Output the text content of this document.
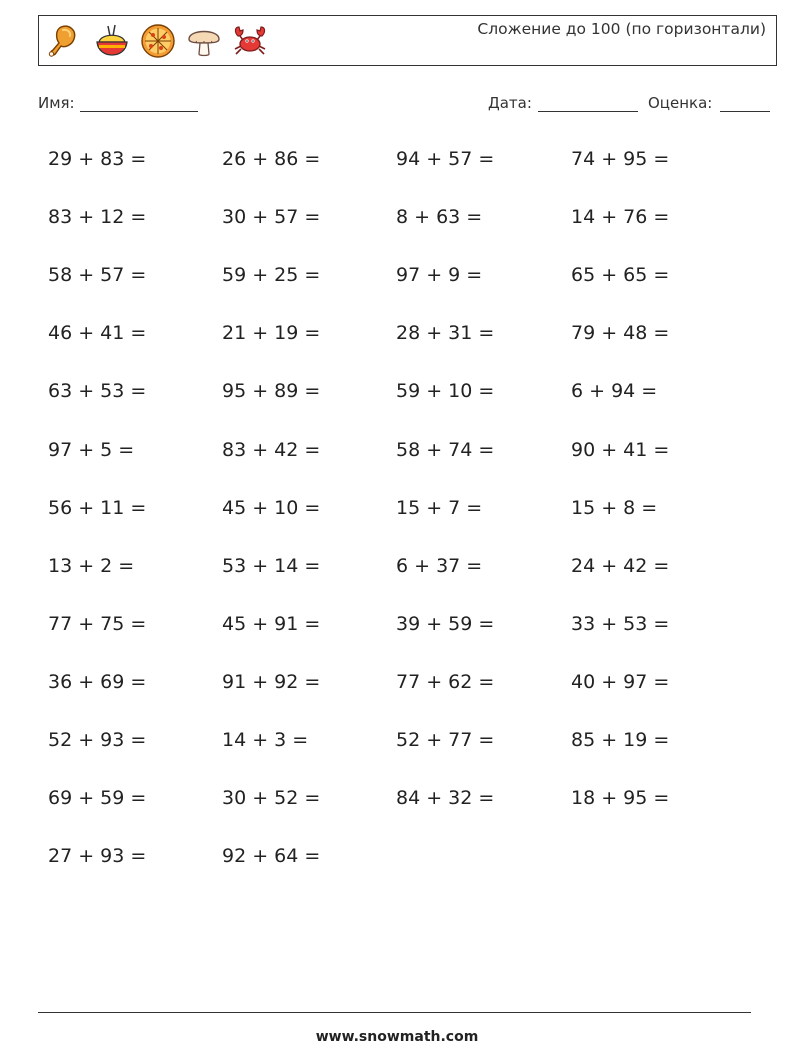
Сложение до 100 (по горизонтали)
Имя:	Дата:	Оценка:
29 + 83 =	26 + 86 =	94 + 57 =	74 + 95 =
83 + 12 =	30 + 57 =	8 + 63 =	14 + 76 =
58 + 57 =	59 + 25 =	97 + 9 =	65 + 65 =
46 + 41 =	21 + 19 =	28 + 31 =	79 + 48 =
63 + 53 =	95 + 89 =	59 + 10 =	6 + 94 =
97 + 5 =	83 + 42 =	58 + 74 =	90 + 41 =
56 + 11 =	45 + 10 =	15 + 7 =	15 + 8 =
13 + 2 =	53 + 14 =	6 + 37 =	24 + 42 =
77 + 75 =	45 + 91 =	39 + 59 =	33 + 53 =
36 + 69 =	91 + 92 =	77 + 62 =	40 + 97 =
52 + 93 =	14 + 3 =	52 + 77 =	85 + 19 =
69 + 59 =	30 + 52 =	84 + 32 =	18 + 95 =
27 + 93 =	92 + 64 =
www.snowmath.com
